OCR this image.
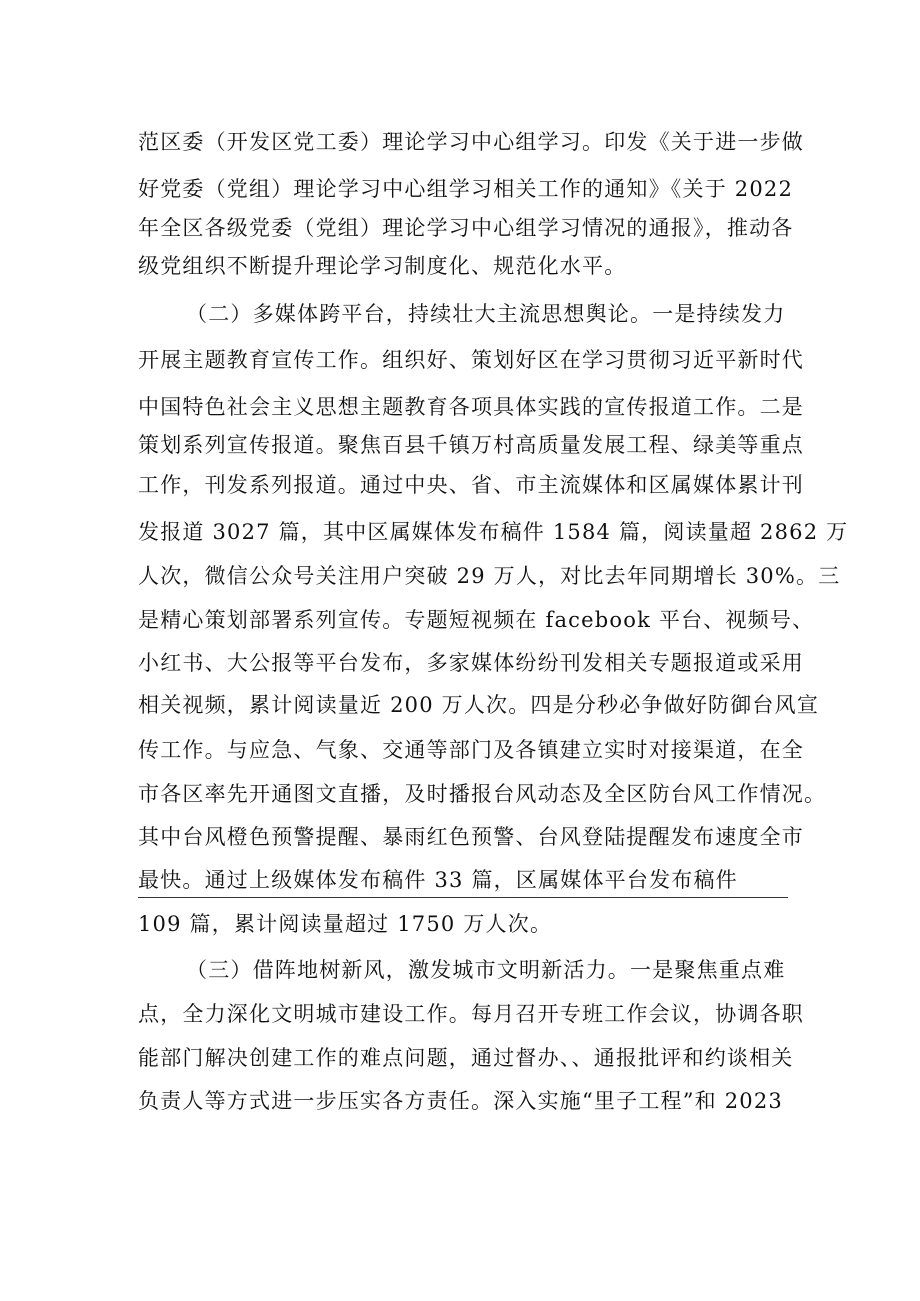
范区委（开发区党工委）理论学习中心组学习。印发《关于进一步做
好党委（党组）理论学习中心组学习相关工作的通知》《关于 2022
年全区各级党委（党组）理论学习中心组学习情况的通报》，推动各
级党组织不断提升理论学习制度化、规范化水平。
（二）多媒体跨平台，持续壮大主流思想舆论。一是持续发力
开展主题教育宣传工作。组织好、策划好区在学习贯彻习近平新时代
中国特色社会主义思想主题教育各项具体实践的宣传报道工作。二是
策划系列宣传报道。聚焦百县千镇万村高质量发展工程、绿美等重点
工作，刊发系列报道。通过中央、省、市主流媒体和区属媒体累计刊
发报道 3027 篇，其中区属媒体发布稿件 1584 篇，阅读量超 2862 万
人次，微信公众号关注用户突破 29 万人，对比去年同期增长 30%。三
是精心策划部署系列宣传。专题短视频在 facebook 平台、视频号、
小红书、大公报等平台发布，多家媒体纷纷刊发相关专题报道或采用
相关视频，累计阅读量近 200 万人次。四是分秒必争做好防御台风宣
传工作。与应急、气象、交通等部门及各镇建立实时对接渠道，在全
市各区率先开通图文直播，及时播报台风动态及全区防台风工作情况。
其中台风橙色预警提醒、暴雨红色预警、台风登陆提醒发布速度全市
最快。通过上级媒体发布稿件 33 篇，区属媒体平台发布稿件
109 篇，累计阅读量超过 1750 万人次。
（三）借阵地树新风，激发城市文明新活力。一是聚焦重点难
点，全力深化文明城市建设工作。每月召开专班工作会议，协调各职
能部门解决创建工作的难点问题，通过督办、、通报批评和约谈相关
负责人等方式进一步压实各方责任。深入实施“里子工程”和 2023
